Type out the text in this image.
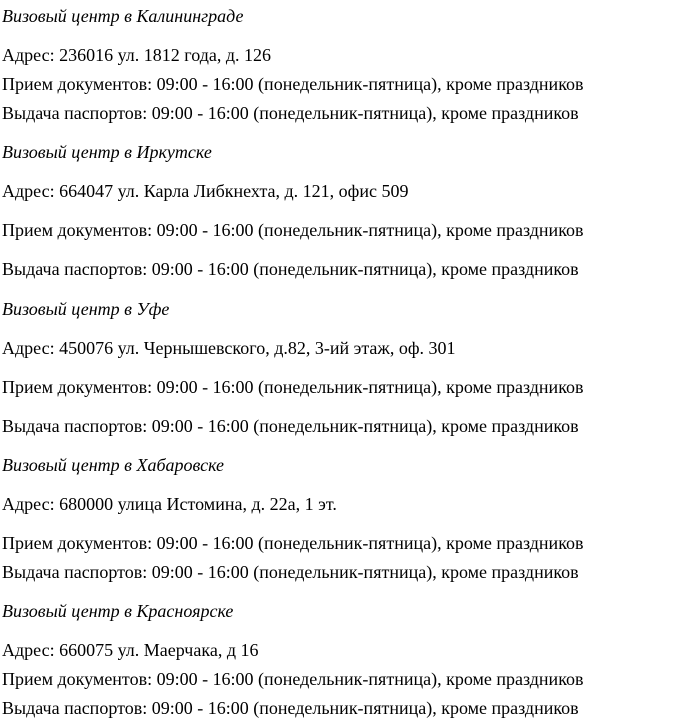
Визовый центр в Калининграде
Адрес: 236016 ул. 1812 года, д. 126
Прием документов: 09:00 - 16:00 (понедельник-пятница), кроме праздников
Выдача паспортов: 09:00 - 16:00 (понедельник-пятница), кроме праздников
Визовый центр в Иркутске
Адрес: 664047 ул. Карла Либкнехта, д. 121, офис 509
Прием документов: 09:00 - 16:00 (понедельник-пятница), кроме праздников
Выдача паспортов: 09:00 - 16:00 (понедельник-пятница), кроме праздников
Визовый центр в Уфе
Адрес: 450076 ул. Чернышевского, д.82, 3-ий этаж, оф. 301
Прием документов: 09:00 - 16:00 (понедельник-пятница), кроме праздников
Выдача паспортов: 09:00 - 16:00 (понедельник-пятница), кроме праздников
Визовый центр в Хабаровске
Адрес: 680000 улица Истомина, д. 22а, 1 эт.
Прием документов: 09:00 - 16:00 (понедельник-пятница), кроме праздников
Выдача паспортов: 09:00 - 16:00 (понедельник-пятница), кроме праздников
Визовый центр в Красноярске
Адрес: 660075 ул. Маерчака, д 16
Прием документов: 09:00 - 16:00 (понедельник-пятница), кроме праздников
Выдача паспортов: 09:00 - 16:00 (понедельник-пятница), кроме праздников
